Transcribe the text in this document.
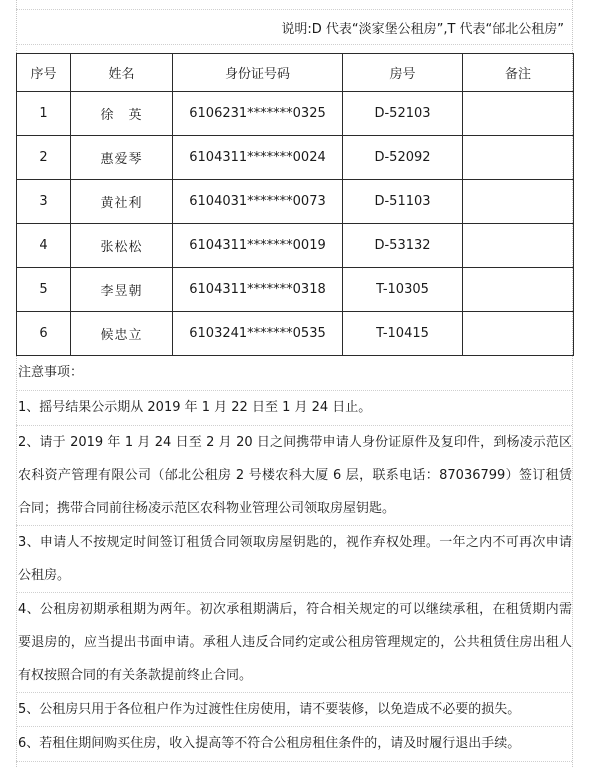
说明:D 代表“淡家堡公租房”,T 代表“邰北公租房”
序号	姓名	身份证号码	房号	备注
1	徐　英	6106231*******0325	D-52103	
2	惠爱琴	6104311*******0024	D-52092	
3	黄社利	6104031*******0073	D-51103	
4	张松松	6104311*******0019	D-53132	
5	李昱朝	6104311*******0318	T-10305	
6	候忠立	6103241*******0535	T-10415	

注意事项：

1、摇号结果公示期从 2019 年 1 月 22 日至 1 月 24 日止。

2、请于 2019 年 1 月 24 日至 2 月 20 日之间携带申请人身份证原件及复印件，到杨凌示范区农科资产管理有限公司（邰北公租房 2 号楼农科大厦 6 层，联系电话：87036799）签订租赁合同；携带合同前往杨凌示范区农科物业管理公司领取房屋钥匙。

3、申请人不按规定时间签订租赁合同领取房屋钥匙的，视作弃权处理。一年之内不可再次申请公租房。

4、公租房初期承租期为两年。初次承租期满后，符合相关规定的可以继续承租，在租赁期内需要退房的，应当提出书面申请。承租人违反合同约定或公租房管理规定的，公共租赁住房出租人有权按照合同的有关条款提前终止合同。

5、公租房只用于各位租户作为过渡性住房使用，请不要装修，以免造成不必要的损失。

6、若租住期间购买住房，收入提高等不符合公租房租住条件的，请及时履行退出手续。
